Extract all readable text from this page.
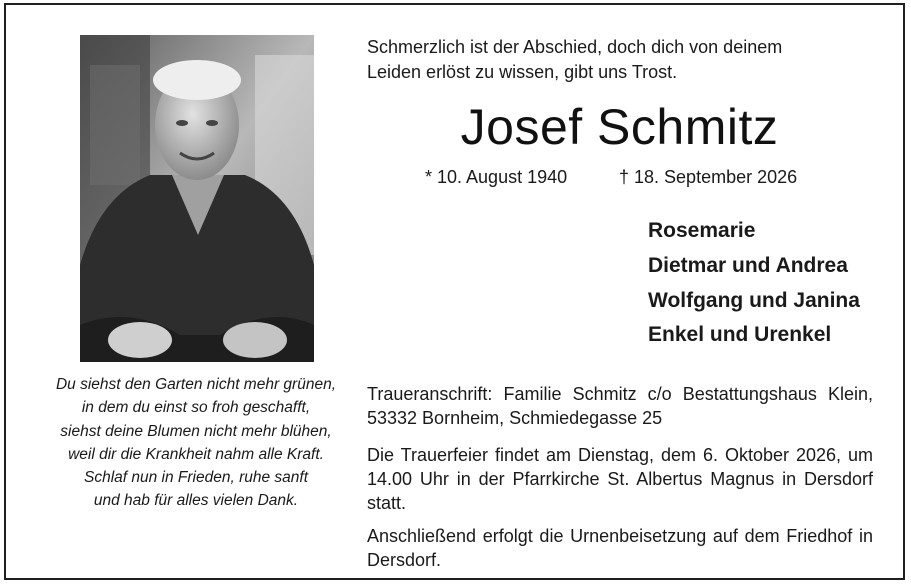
Du siehst den Garten nicht mehr grünen,
in dem du einst so froh geschafft,
siehst deine Blumen nicht mehr blühen,
weil dir die Krankheit nahm alle Kraft.
Schlaf nun in Frieden, ruhe sanft
und hab für alles vielen Dank.
Schmerzlich ist der Abschied, doch dich von deinem
Leiden erlöst zu wissen, gibt uns Trost.
Josef Schmitz
* 10. August 1940	† 18. September 2026
Rosemarie
Dietmar und Andrea
Wolfgang und Janina
Enkel und Urenkel
Traueranschrift: Familie Schmitz c/o Bestattungshaus Klein, 53332 Bornheim, Schmiedegasse 25
Die Trauerfeier findet am Dienstag, dem 6. Oktober 2026, um 14.00 Uhr in der Pfarrkirche St. Albertus Magnus in Dersdorf statt.
Anschließend erfolgt die Urnenbeisetzung auf dem Friedhof in Dersdorf.
